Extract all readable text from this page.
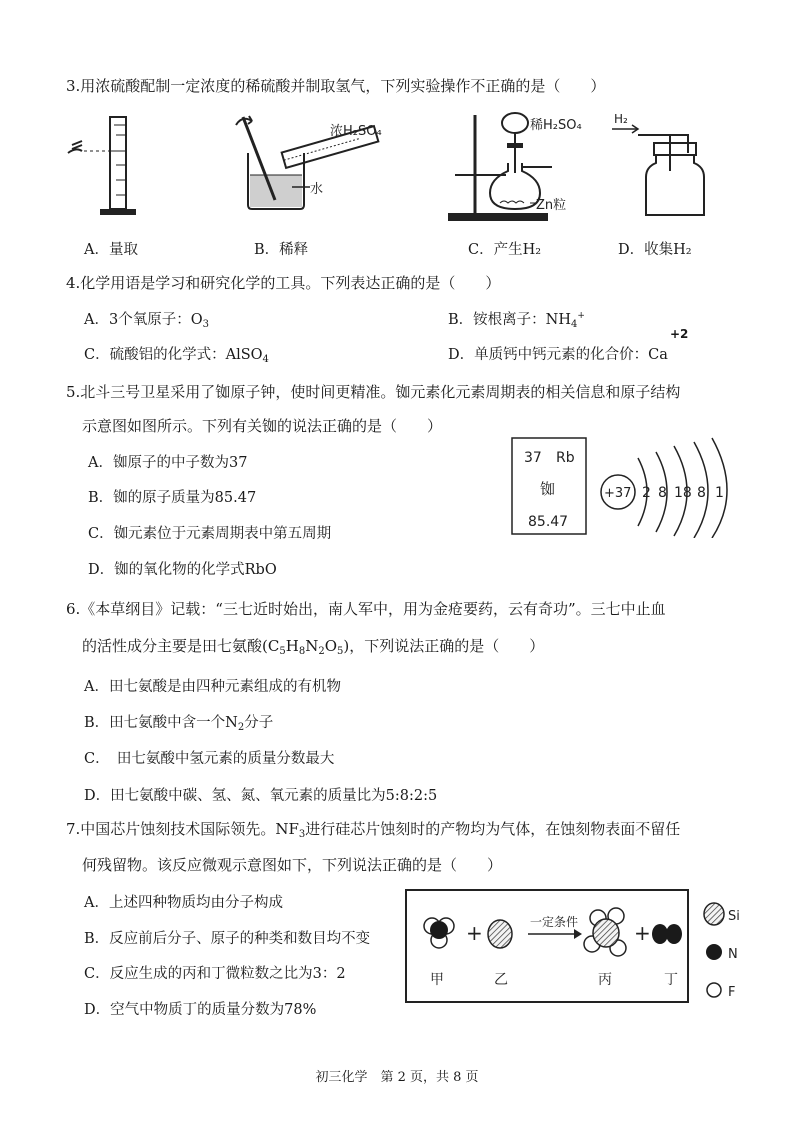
3.用浓硫酸配制一定浓度的稀硫酸并制取氢气，下列实验操作不正确的是（　　）
水
浓H₂SO₄	稀H₂SO₄
Zn粒
H₂
A．量取	B．稀释	C．产生H₂	D．收集H₂
4.化学用语是学习和研究化学的工具。下列表达正确的是（　　）
A．3个氧原子：$O_3$	B．铵根离子：$NH_4^+$
C．硫酸铝的化学式：AlSO$_4$	D．单质钙中钙元素的化合价：Ca
+2
5.北斗三号卫星采用了铷原子钟，使时间更精准。铷元素化元素周期表的相关信息和原子结构
示意图如图所示。下列有关铷的说法正确的是（　　）
A．铷原子的中子数为37
B．铷的原子质量为85.47
C．铷元素位于元素周期表中第五周期
D．铷的氧化物的化学式RbO
37 Rb
铷
85.47
+37 2 8 18 8 1
6.《本草纲目》记载：“三七近时始出，南人军中，用为金疮要药，云有奇功”。三七中止血
的活性成分主要是田七氨酸$(C_5H_8N_2O_5)$，下列说法正确的是（　　）
A．田七氨酸是由四种元素组成的有机物
B．田七氨酸中含一个$N_2$分子
C．　田七氨酸中氢元素的质量分数最大
D．田七氨酸中碳、氢、氮、氧元素的质量比为5:8:2:5
7.中国芯片蚀刻技术国际领先。$NF_3$进行硅芯片蚀刻时的产物均为气体，在蚀刻物表面不留任
何残留物。该反应微观示意图如下，下列说法正确的是（　　）
A．上述四种物质均由分子构成
B．反应前后分子、原子的种类和数目均不变
C．反应生成的丙和丁微粒数之比为3：2
D．空气中物质丁的质量分数为78%
+	一定条件	+
甲	乙	丙	丁
Si
N
F
初三化学　第 2 页，共 8 页
